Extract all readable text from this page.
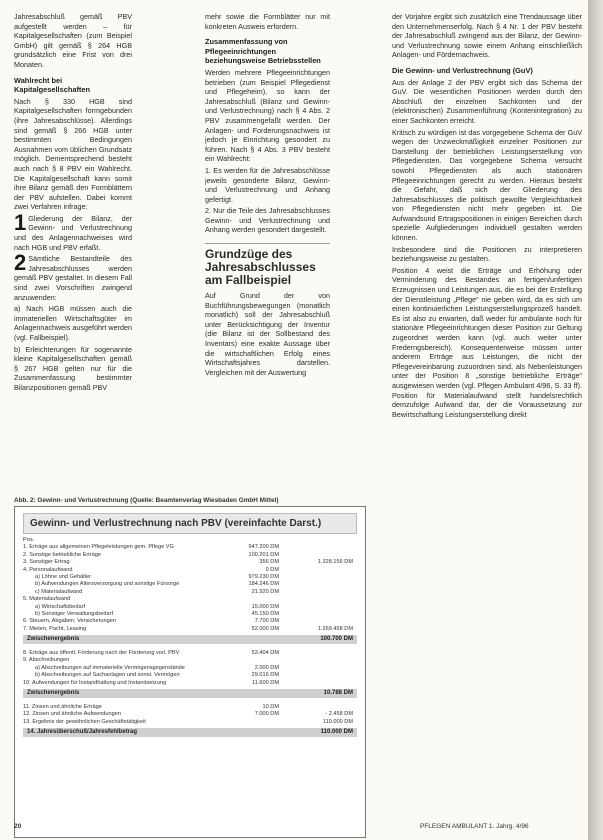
Jahresabschluß gemäß PBV aufgestellt werden – für Kapitalgesellschaften (zum Beispiel GmbH) gilt gemäß § 264 HGB grundsätzlich eine Frist von drei Monaten.

Wahlrecht bei Kapitalgesellschaften

Nach § 330 HGB sind Kapitalgesellschaften formgebunden (ihre Jahresabschlüsse). Allerdings sind gemäß § 266 HGB unter bestimmten Bedingungen Ausnahmen vom üblichen Grundsatz möglich. Dementsprechend besteht auch nach § 8 PBV ein Wahlrecht. Die Kapitalgesellschaft kann somit ihre Bilanz gemäß den Formblättern der PBV aufstellen. Dabei kommt zwei Verfahren infrage:

1 Gliederung der Bilanz, der Gewinn- und Verlustrechnung und des Anlagennachweises wird nach HGB und PBV erfaßt.

2 Sämtliche Bestandteile des Jahresabschlusses werden gemäß PBV gestaltet. In diesem Fall sind zwei Vorschriften zwingend anzuwenden:

a) Nach HGB müssen auch die immateriellen Wirtschaftsgüter im Anlagennachweis ausgeführt werden (vgl. Fallbeispiel).

b) Erleichterungen für sogenannte kleine Kapitalgesellschaften gemäß § 267 HGB gelten nur für die Zusammenfassung bestimmter Bilanzpositionen gemäß PBV

mehr sowie die Formblätter nur mit konkreten Ausweis erfordern.

Zusammenfassung von Pflegeeinrichtungen beziehungsweise Betriebsstellen

Werden mehrere Pflegeeinrichtungen betrieben (zum Beispiel Pflegedienst und Pflegeheim), so kann der Jahresabschluß (Bilanz und Gewinn- und Verlustrechnung) nach § 4 Abs. 2 PBV zusammengefaßt werden. Der Anlagen- und Forderungsnachweis ist jedoch je Einrichtung gesondert zu führen. Nach § 4 Abs. 3 PBV besteht ein Wahlrecht:

1. Es werden für die Jahresabschlüsse jeweils gesonderte Bilanz, Gewinn- und Verlustrechnung und Anhang gefertigt.

2. Nur die Teile des Jahresabschlusses Gewinn- und Verlustrechnung und Anhang werden gesondert dargestellt.

Grundzüge des Jahresabschlusses am Fallbeispiel

Auf Grund der von Buchführungsbewegungen (monatlich monatlich) soll der Jahresabschluß unter Berücksichtigung der Inventur (die Bilanz ist der Sollbestand des Inventars) eine exakte Aussage über die wirtschaftlichen Erfolg eines Wirtschaftsjahres darstellen. Vergleichen mit der Auswertung

der Vorjahre ergibt sich zusätzlich eine Trendaussage über den Unternehmenserfolg. Nach § 4 Nr. 1 der PBV besteht der Jahresabschluß zwingend aus der Bilanz, der Gewinn- und Verlustrechnung sowie einem Anhang einschließlich Anlagen- und Fördernachweis.

Die Gewinn- und Verlustrechnung (GuV)

Aus der Anlage 2 der PBV ergibt sich das Schema der GuV. Die wesentlichen Positionen werden durch den Abschluß der einzelnen Sachkonten und der (elektronischen) Zusammenführung (Kontenintegration) zu einer Sachkonten erreicht.

Kritisch zu würdigen ist das vorgegebene Schema der GuV wegen der Unzweckmäßigkeit einzelner Positionen zur Darstellung der betrieblichen Leistungserstellung von Pflegediensten. Das vorgegebene Schema versucht sowohl Pflegediensten als auch stationären Pflegeeinrichtungen gerecht zu werden. Hieraus besteht die Gefahr, daß sich der Gliederung des Jahresabschlusses die politisch gewollte Vergleichbarkeit von Pflegediensten nicht mehr gegeben ist. Die Aufwandsund Ertragspositionen in einigen Bereichen durch spezielle Aufgliederungen individuell gestalten werden können.

Insbesondere sind die Positionen zu interpretieren beziehungsweise zu gestalten.

Position 4 weist die Erträge und Erhöhung oder Verminderung des Bestandes an fertigen/unfertigen Erzeugnissen und Leistungen aus, die es bei der Erstellung der Dienstleistung „Pflege“ nie geben wird, da es sich um einen kontinuierlichen Leistungserstellungsprozeß handelt. Es ist also zu erwarten, daß weder für ambulante noch für stationäre Pflegeeinrichtungen dieser Position zur Geltung zugeordnet werden kann (vgl. auch weiter unter Frederngsbereich). Konsequenterweise müssen unter anderem Erträge aus Leistungen, die nicht der Pflegevereinbarung zuzuordnen sind, als Nebenleistungen unter der Position 8 „sonstige betriebliche Erträge“ ausgewiesen werden (vgl. Pflegen Ambulant 4/96, S. 33 ff). Position für Materialaufwand stellt handelsrechtlich demzufolge Aufwand dar, der die Voraussetzung zur Bewirtschaftung Leistungserstellung direkt

Abb. 2: Gewinn- und Verlustrechnung (Quelle: Beamtenverlag Wiesbaden GmbH Mittel)
Gewinn- und Verlustrechnung nach PBV (vereinfachte Darst.)
Pos.
1. Erträge aus allgemeinen Pflegeleistungen gem. Pflege VG	947.200 DM
2. Sonstige betriebliche Erträge	100.201 DM
3. Sonstiger Ertrag	356 DM	1.328.156 DM
4. Personalaufwand	0 DM
a) Löhne und Gehälter	979.230 DM
b) Aufwendungen Altersversorgung und sonstige Fürsorge	184.246 DM
c) Materialaufwand	21.920 DM
5. Materialaufwand
a) Wirtschaftsbedarf	15.000 DM
b) Sonstiger Verwaltungsbedarf	45.150 DM
6. Steuern, Abgaben, Versicherungen	7.700 DM
7. Mieten, Pacht, Leasing	52.000 DM	1.269.458 DM
Zwischenergebnis	100.700 DM
8. Erträge aus öffentl. Förderung nach der Förderung vorl. PBV	53.404 DM
9. Abschreibungen
a) Abschreibungen auf immaterielle Vermögensgegenstände	2.000 DM
b) Abschreibungen auf Sachanlagen und sonst. Vermögen	29.016 DM
10. Aufwendungen für Instandhaltung und Instandsetzung	11.600 DM
Zwischenergebnis	10.788 DM
11. Zinsen und ähnliche Erträge	10 DM
12. Zinsen und ähnliche Aufwendungen	7.000 DM	- 2.458 DM
13. Ergebnis der gewöhnlichen Geschäftstätigkeit	110.000 DM
14. Jahresüberschuß/Jahresfehlbetrag	110.000 DM
20	PFLEGEN AMBULANT 1. Jahrg. 4/96
